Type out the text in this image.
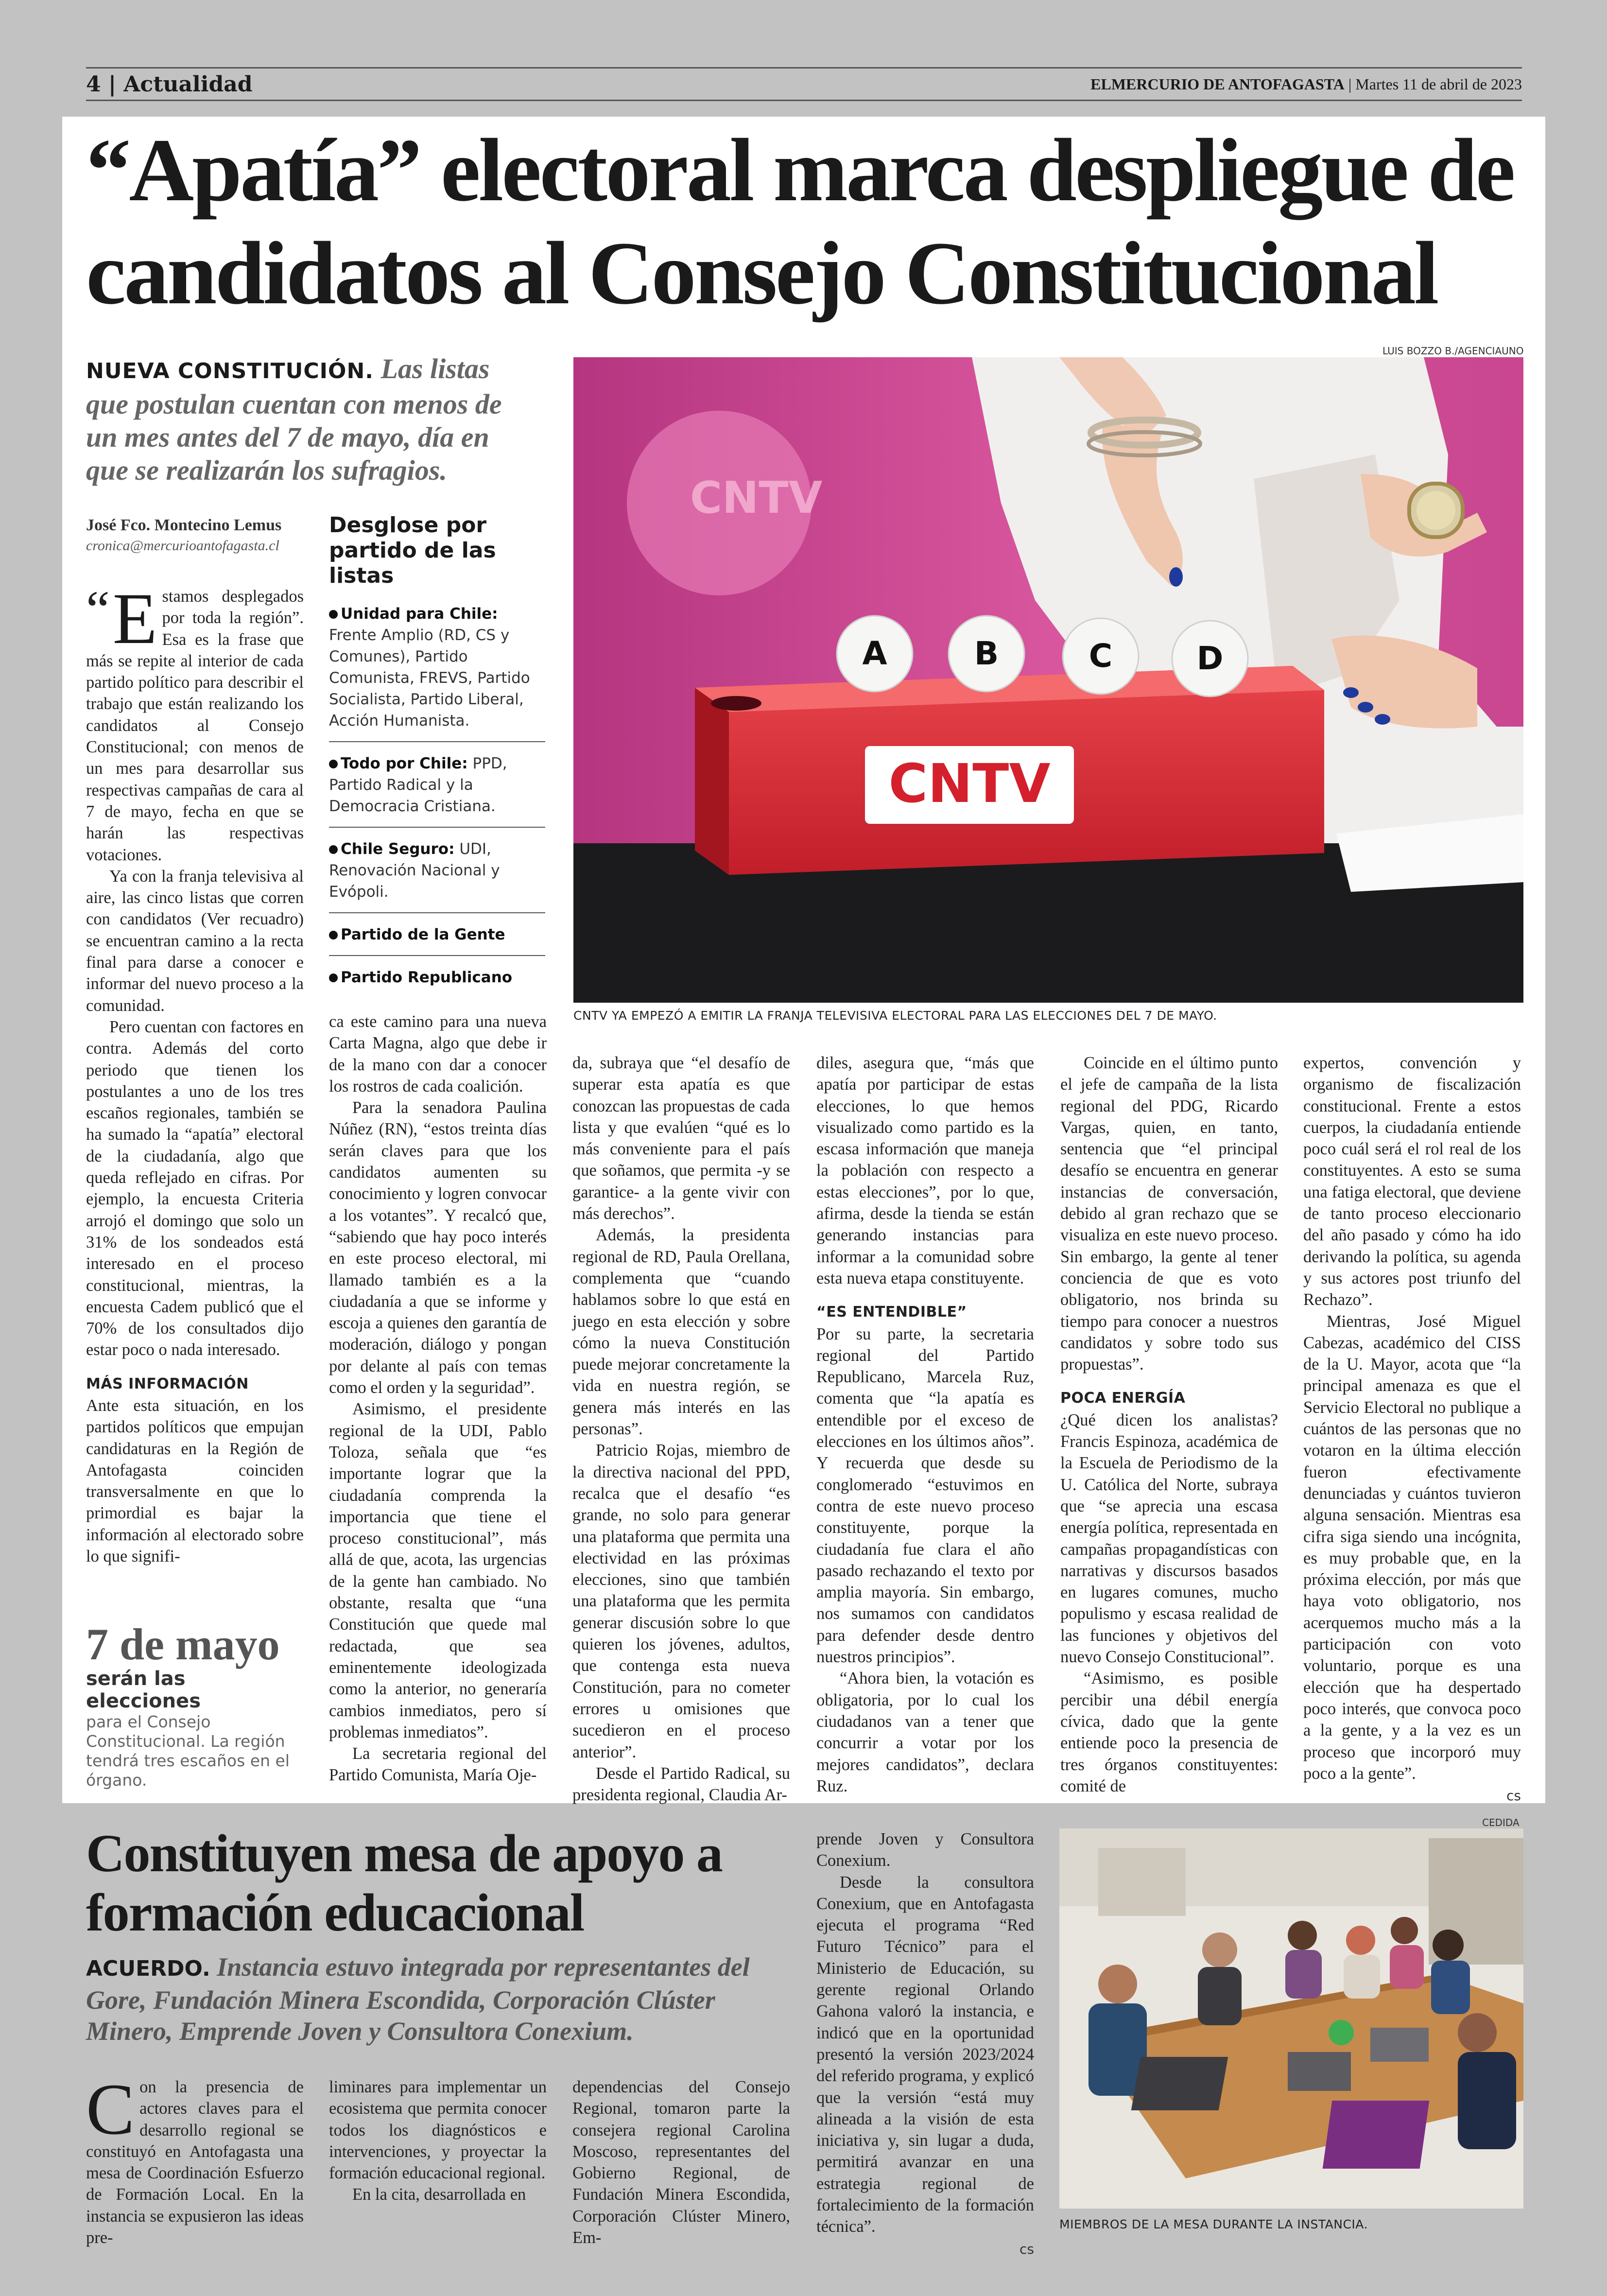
4 | Actualidad	ELMERCURIO DE ANTOFAGASTA | Martes 11 de abril de 2023
“Apatía” electoral marca despliegue de candidatos al Consejo Constitucional
NUEVA CONSTITUCIÓN. Las listas que postulan cuentan con menos de un mes antes del 7 de mayo, día en que se realizarán los sufragios.
José Fco. Montecino Lemus
cronica@mercurioantofagasta.cl
Desglose por partido de las listas
Unidad para Chile: Frente Amplio (RD, CS y Comunes), Partido Comunista, FREVS, Partido Socialista, Partido Liberal, Acción Humanista.
Todo por Chile: PPD, Partido Radical y la Democracia Cristiana.
Chile Seguro: UDI, Renovación Nacional y Evópoli.
Partido de la Gente
Partido Republicano
LUIS BOZZO B./AGENCIAUNO
CNTV
CNTV
A	B	C	D
CNTV YA EMPEZÓ A EMITIR LA FRANJA TELEVISIVA ELECTORAL PARA LAS ELECCIONES DEL 7 DE MAYO.

“ E stamos desplegados por toda la región”. Esa es la frase que más se repite al interior de cada partido político para describir el trabajo que están realizando los candidatos al Consejo Constitucional; con menos de un mes para desarrollar sus respectivas campañas de cara al 7 de mayo, fecha en que se harán las respectivas votaciones.

Ya con la franja televisiva al aire, las cinco listas que corren con candidatos (Ver recuadro) se encuentran camino a la recta final para darse a conocer e informar del nuevo proceso a la comunidad.

Pero cuentan con factores en contra. Además del corto periodo que tienen los postulantes a uno de los tres escaños regionales, también se ha sumado la “apatía” electoral de la ciudadanía, algo que queda reflejado en cifras. Por ejemplo, la encuesta Criteria arrojó el domingo que solo un 31% de los sondeados está interesado en el proceso constitucional, mientras, la encuesta Cadem publicó que el 70% de los consultados dijo estar poco o nada interesado.

MÁS INFORMACIÓN

Ante esta situación, en los partidos políticos que empujan candidaturas en la Región de Antofagasta coinciden transversalmente en que lo primordial es bajar la información al electorado sobre lo que signifi-

7 de mayo
serán las elecciones
para el Consejo Constitucional. La región tendrá tres escaños en el órgano.

ca este camino para una nueva Carta Magna, algo que debe ir de la mano con dar a conocer los rostros de cada coalición.

Para la senadora Paulina Núñez (RN), “estos treinta días serán claves para que los candidatos aumenten su conocimiento y logren convocar a los votantes”. Y recalcó que, “sabiendo que hay poco interés en este proceso electoral, mi llamado también es a la ciudadanía a que se informe y escoja a quienes den garantía de moderación, diálogo y pongan por delante al país con temas como el orden y la seguridad”.

Asimismo, el presidente regional de la UDI, Pablo Toloza, señala que “es importante lograr que la ciudadanía comprenda la importancia que tiene el proceso constitucional”, más allá de que, acota, las urgencias de la gente han cambiado. No obstante, resalta que “una Constitución que quede mal redactada, que sea eminentemente ideologizada como la anterior, no generaría cambios inmediatos, pero sí problemas inmediatos”.

La secretaria regional del Partido Comunista, María Oje-

da, subraya que “el desafío de superar esta apatía es que conozcan las propuestas de cada lista y que evalúen “qué es lo más conveniente para el país que soñamos, que permita -y se garantice- a la gente vivir con más derechos”.

Además, la presidenta regional de RD, Paula Orellana, complementa que “cuando hablamos sobre lo que está en juego en esta elección y sobre cómo la nueva Constitución puede mejorar concretamente la vida en nuestra región, se genera más interés en las personas”.

Patricio Rojas, miembro de la directiva nacional del PPD, recalca que el desafío “es grande, no solo para generar una plataforma que permita una electividad en las próximas elecciones, sino que también una plataforma que les permita generar discusión sobre lo que quieren los jóvenes, adultos, que contenga esta nueva Constitución, para no cometer errores u omisiones que sucedieron en el proceso anterior”.

Desde el Partido Radical, su presidenta regional, Claudia Ar-

diles, asegura que, “más que apatía por participar de estas elecciones, lo que hemos visualizado como partido es la escasa información que maneja la población con respecto a estas elecciones”, por lo que, afirma, desde la tienda se están generando instancias para informar a la comunidad sobre esta nueva etapa constituyente.

“ES ENTENDIBLE”

Por su parte, la secretaria regional del Partido Republicano, Marcela Ruz, comenta que “la apatía es entendible por el exceso de elecciones en los últimos años”. Y recuerda que desde su conglomerado “estuvimos en contra de este nuevo proceso constituyente, porque la ciudadanía fue clara el año pasado rechazando el texto por amplia mayoría. Sin embargo, nos sumamos con candidatos para defender desde dentro nuestros principios”.

“Ahora bien, la votación es obligatoria, por lo cual los ciudadanos van a tener que concurrir a votar por los mejores candidatos”, declara Ruz.

Coincide en el último punto el jefe de campaña de la lista regional del PDG, Ricardo Vargas, quien, en tanto, sentencia que “el principal desafío se encuentra en generar instancias de conversación, debido al gran rechazo que se visualiza en este nuevo proceso. Sin embargo, la gente al tener conciencia de que es voto obligatorio, nos brinda su tiempo para conocer a nuestros candidatos y sobre todo sus propuestas”.

POCA ENERGÍA

¿Qué dicen los analistas? Francis Espinoza, académica de la Escuela de Periodismo de la U. Católica del Norte, subraya que “se aprecia una escasa energía política, representada en campañas propagandísticas con narrativas y discursos basados en lugares comunes, mucho populismo y escasa realidad de las funciones y objetivos del nuevo Consejo Constitucional”.

“Asimismo, es posible percibir una débil energía cívica, dado que la gente entiende poco la presencia de tres órganos constituyentes: comité de

expertos, convención y organismo de fiscalización constitucional. Frente a estos cuerpos, la ciudadanía entiende poco cuál será el rol real de los constituyentes. A esto se suma una fatiga electoral, que deviene de tanto proceso eleccionario del año pasado y cómo ha ido derivando la política, su agenda y sus actores post triunfo del Rechazo”.

Mientras, José Miguel Cabezas, académico del CISS de la U. Mayor, acota que “la principal amenaza es que el Servicio Electoral no publique a cuántos de las personas que no votaron en la última elección fueron efectivamente denunciadas y cuántos tuvieron alguna sensación. Mientras esa cifra siga siendo una incógnita, es muy probable que, en la próxima elección, por más que haya voto obligatorio, nos acerquemos mucho más a la participación con voto voluntario, porque es una elección que ha despertado poco interés, que convoca poco a la gente, y a la vez es un proceso que incorporó muy poco a la gente”.

cs

Constituyen mesa de apoyo a formación educacional
ACUERDO. Instancia estuvo integrada por representantes del Gore, Fundación Minera Escondida, Corporación Clúster Minero, Emprende Joven y Consultora Conexium.

Con la presencia de actores claves para el desarrollo regional se constituyó en Antofagasta una mesa de Coordinación Esfuerzo de Formación Local. En la instancia se expusieron las ideas pre-

liminares para implementar un ecosistema que permita conocer todos los diagnósticos e intervenciones, y proyectar la formación educacional regional.

En la cita, desarrollada en

dependencias del Consejo Regional, tomaron parte la consejera regional Carolina Moscoso, representantes del Gobierno Regional, de Fundación Minera Escondida, Corporación Clúster Minero, Em-

prende Joven y Consultora Conexium.

Desde la consultora Conexium, que en Antofagasta ejecuta el programa “Red Futuro Técnico” para el Ministerio de Educación, su gerente regional Orlando Gahona valoró la instancia, e indicó que en la oportunidad presentó la versión 2023/2024 del referido programa, y explicó que la versión “está muy alineada a la visión de esta iniciativa y, sin lugar a duda, permitirá avanzar en una estrategia regional de fortalecimiento de la formación técnica”.

cs

CEDIDA
MIEMBROS DE LA MESA DURANTE LA INSTANCIA.
